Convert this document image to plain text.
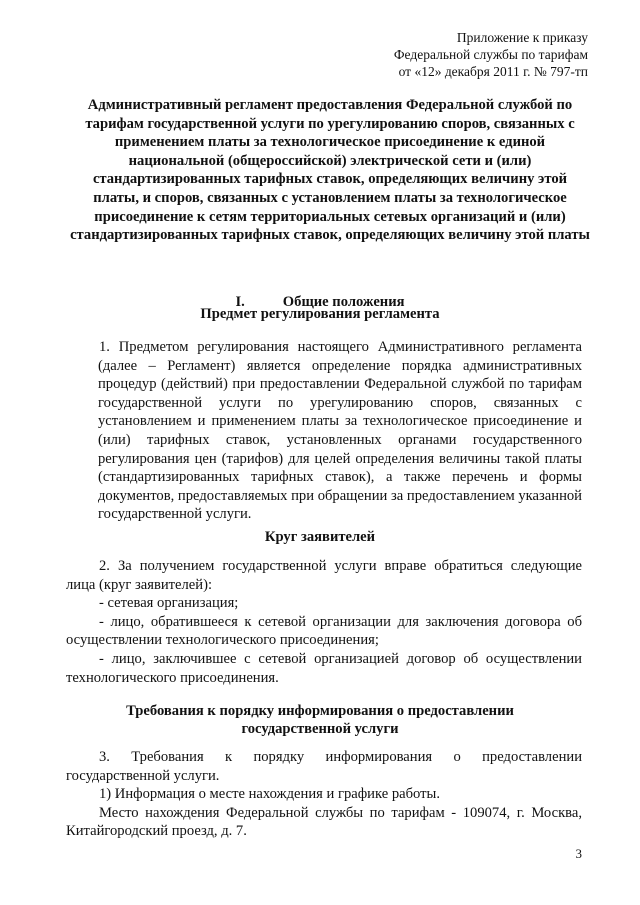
Приложение к приказу
Федеральной службы по тарифам
от «12» декабря 2011 г. № 797-тп
Административный регламент предоставления Федеральной службой по тарифам государственной услуги по урегулированию споров, связанных с применением платы за технологическое присоединение к единой национальной (общероссийской) электрической сети и (или) стандартизированных тарифных ставок, определяющих величину этой платы, и споров, связанных с установлением платы за технологическое присоединение к сетям территориальных сетевых организаций и (или) стандартизированных тарифных ставок, определяющих величину этой платы
I.	Общие положения
Предмет регулирования регламента
1. Предметом регулирования настоящего Административного регламента
(далее – Регламент) является определение порядка административных
процедур (действий) при предоставлении Федеральной службой по тарифам
государственной услуги по урегулированию споров, связанных с
установлением и применением платы за технологическое присоединение и
(или) тарифных ставок, установленных органами государственного
регулирования цен (тарифов) для целей определения величины такой платы
(стандартизированных тарифных ставок), а также перечень и формы
документов, предоставляемых при обращении за предоставлением указанной
государственной услуги.
Круг заявителей
2. За получением государственной услуги вправе обратиться следующие
лица (круг заявителей):
- сетевая организация;
- лицо, обратившееся к сетевой организации для заключения договора об
осуществлении технологического присоединения;
- лицо, заключившее с сетевой организацией договор об осуществлении
технологического присоединения.
Требования к порядку информирования о предоставлении
государственной услуги
3. Требования к порядку информирования о предоставлении
государственной услуги.
1) Информация о месте нахождения и графике работы.
Место нахождения Федеральной службы по тарифам - 109074, г. Москва,
Китайгородский проезд, д. 7.
3
